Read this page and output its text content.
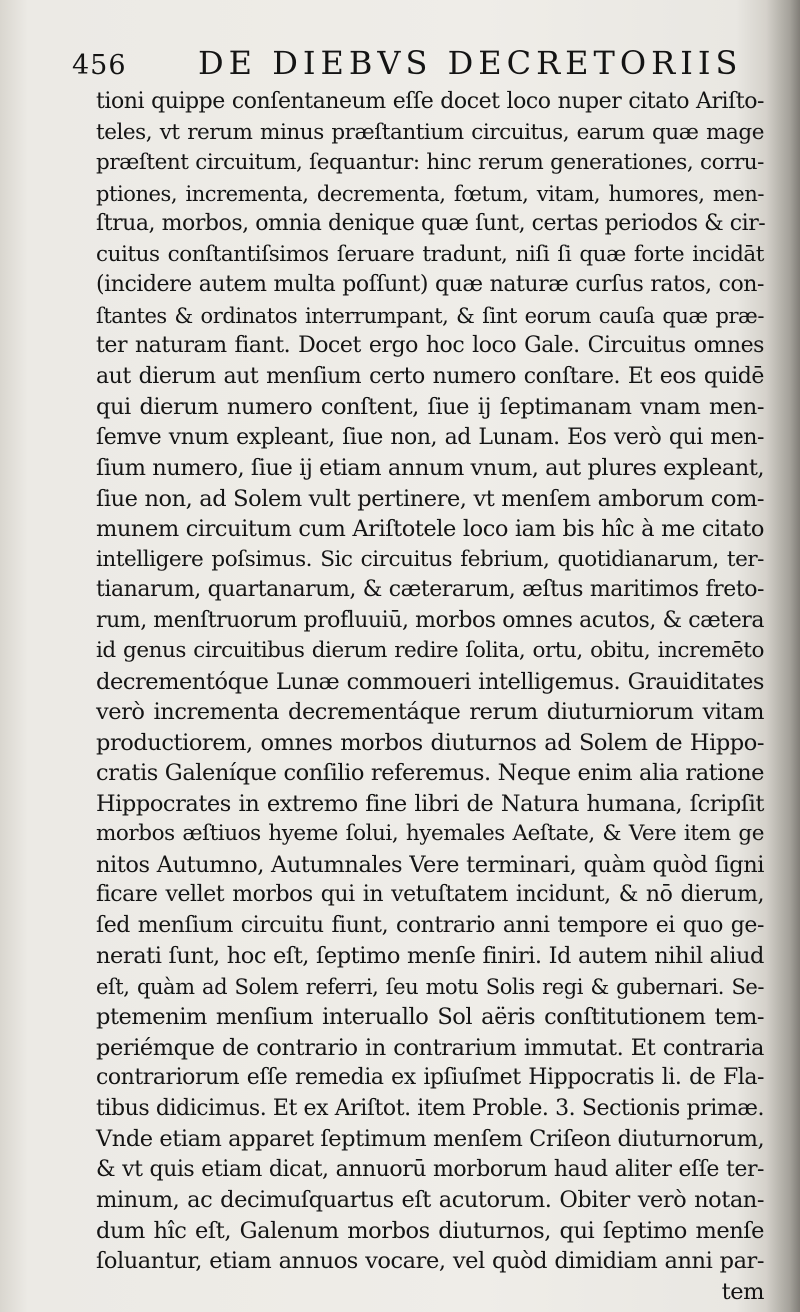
456 DE DIEBVS DECRETORIIS
tioni quippe conſentaneum eſſe docet loco nuper citato Ariſto-
teles, vt rerum minus præſtantium circuitus, earum quæ mage
præſtent circuitum, ſequantur: hinc rerum generationes, corru-
ptiones, incrementa, decrementa, fœtum, vitam, humores, men-
ſtrua, morbos, omnia denique quæ ſunt, certas periodos & cir-
cuitus conſtantiſsimos ſeruare tradunt, niſi ſi quæ forte incidāt
(incidere autem multa poſſunt) quæ naturæ curſus ratos, con-
ſtantes & ordinatos interrumpant, & ſint eorum cauſa quæ præ-
ter naturam fiant. Docet ergo hoc loco Gale. Circuitus omnes
aut dierum aut menſium certo numero conſtare. Et eos quidē
qui dierum numero conſtent, ſiue ij ſeptimanam vnam men-
ſemve vnum expleant, ſiue non, ad Lunam. Eos verò qui men-
ſium numero, ſiue ij etiam annum vnum, aut plures expleant,
ſiue non, ad Solem vult pertinere, vt menſem amborum com-
munem circuitum cum Ariſtotele loco iam bis hîc à me citato
intelligere poſsimus. Sic circuitus febrium, quotidianarum, ter-
tianarum, quartanarum, & cæterarum, æſtus maritimos freto-
rum, menſtruorum profluuiū, morbos omnes acutos, & cætera
id genus circuitibus dierum redire ſolita, ortu, obitu, incremēto
decrementóque Lunæ commoueri intelligemus. Grauiditates
verò incrementa decrementáque rerum diuturniorum vitam
productiorem, omnes morbos diuturnos ad Solem de Hippo-
cratis Galeníque conſilio referemus. Neque enim alia ratione
Hippocrates in extremo fine libri de Natura humana, ſcripſit
morbos æſtiuos hyeme ſolui, hyemales Aeſtate, & Vere item ge
nitos Autumno, Autumnales Vere terminari, quàm quòd ſigni
ficare vellet morbos qui in vetuſtatem incidunt, & nō dierum,
ſed menſium circuitu fiunt, contrario anni tempore ei quo ge-
nerati ſunt, hoc eſt, ſeptimo menſe finiri. Id autem nihil aliud
eſt, quàm ad Solem referri, ſeu motu Solis regi & gubernari. Se-
ptemenim menſium interuallo Sol aëris conſtitutionem tem-
periémque de contrario in contrarium immutat. Et contraria
contrariorum eſſe remedia ex ipſiuſmet Hippocratis li. de Fla-
tibus didicimus. Et ex Ariſtot. item Proble. 3. Sectionis primæ.
Vnde etiam apparet ſeptimum menſem Criſeon diuturnorum,
& vt quis etiam dicat, annuorū morborum haud aliter eſſe ter-
minum, ac decimuſquartus eſt acutorum. Obiter verò notan-
dum hîc eſt, Galenum morbos diuturnos, qui ſeptimo menſe
ſoluantur, etiam annuos vocare, vel quòd dimidiam anni par-
tem
